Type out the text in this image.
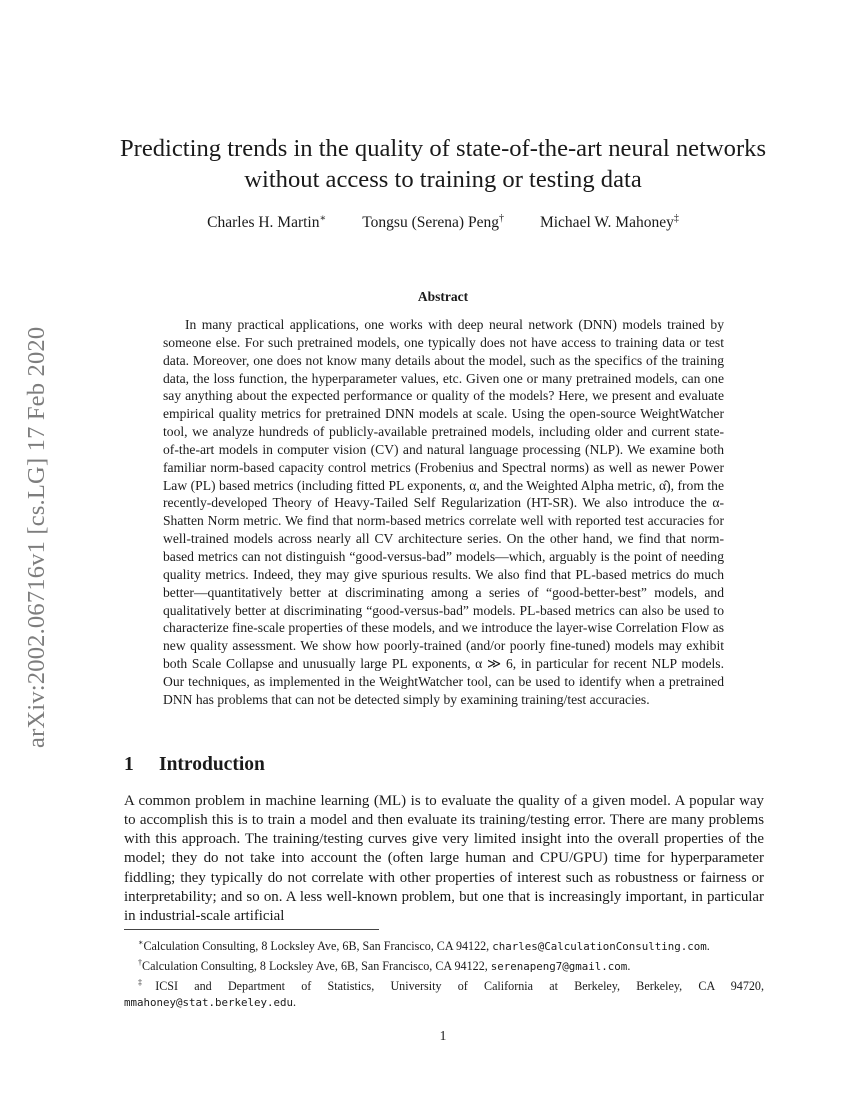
arXiv:2002.06716v1 [cs.LG] 17 Feb 2020
Predicting trends in the quality of state-of-the-art neural networks without access to training or testing data
Charles H. Martin∗ Tongsu (Serena) Peng† Michael W. Mahoney‡
Abstract

In many practical applications, one works with deep neural network (DNN) models trained by someone else. For such pretrained models, one typically does not have access to training data or test data. Moreover, one does not know many details about the model, such as the specifics of the training data, the loss function, the hyperparameter values, etc. Given one or many pretrained models, can one say anything about the expected performance or quality of the models? Here, we present and evaluate empirical quality metrics for pretrained DNN models at scale. Using the open-source WeightWatcher tool, we analyze hundreds of publicly-available pretrained models, including older and current state-of-the-art models in computer vision (CV) and natural language processing (NLP). We examine both familiar norm-based capacity control metrics (Frobenius and Spectral norms) as well as newer Power Law (PL) based metrics (including fitted PL exponents, α, and the Weighted Alpha metric, α̂), from the recently-developed Theory of Heavy-Tailed Self Regularization (HT-SR). We also introduce the α-Shatten Norm metric. We find that norm-based metrics correlate well with reported test accuracies for well-trained models across nearly all CV architecture series. On the other hand, we find that norm-based metrics can not distinguish “good-versus-bad” models—which, arguably is the point of needing quality metrics. Indeed, they may give spurious results. We also find that PL-based metrics do much better—quantitatively better at discriminating among a series of “good-better-best” models, and qualitatively better at discriminating “good-versus-bad” models. PL-based metrics can also be used to characterize fine-scale properties of these models, and we introduce the layer-wise Correlation Flow as new quality assessment. We show how poorly-trained (and/or poorly fine-tuned) models may exhibit both Scale Collapse and unusually large PL exponents, α ≫ 6, in particular for recent NLP models. Our techniques, as implemented in the WeightWatcher tool, can be used to identify when a pretrained DNN has problems that can not be detected simply by examining training/test accuracies.

1 Introduction

A common problem in machine learning (ML) is to evaluate the quality of a given model. A popular way to accomplish this is to train a model and then evaluate its training/testing error. There are many problems with this approach. The training/testing curves give very limited insight into the overall properties of the model; they do not take into account the (often large human and CPU/GPU) time for hyperparameter fiddling; they typically do not correlate with other properties of interest such as robustness or fairness or interpretability; and so on. A less well-known problem, but one that is increasingly important, in particular in industrial-scale artificial

∗Calculation Consulting, 8 Locksley Ave, 6B, San Francisco, CA 94122, charles@CalculationConsulting.com.
†Calculation Consulting, 8 Locksley Ave, 6B, San Francisco, CA 94122, serenapeng7@gmail.com.
‡ICSI and Department of Statistics, University of California at Berkeley, Berkeley, CA 94720, mmahoney@stat.berkeley.edu.
1
